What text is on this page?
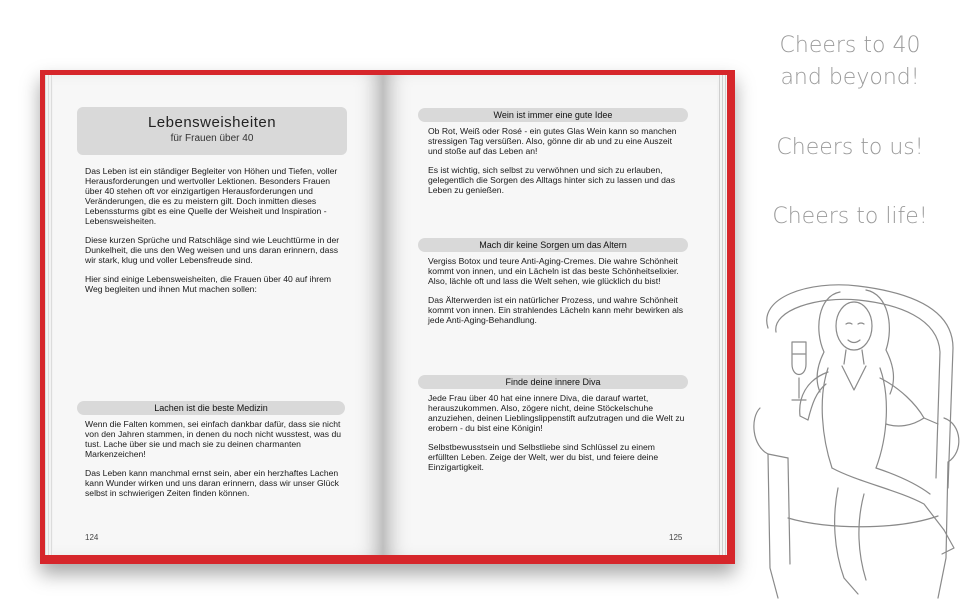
Lebensweisheiten
für Frauen über 40

Das Leben ist ein ständiger Begleiter von Höhen und Tiefen, voller Herausforderungen und wertvoller Lektionen. Besonders Frauen über 40 stehen oft vor einzigartigen Herausforderungen und Veränderungen, die es zu meistern gilt. Doch inmitten dieses Lebenssturms gibt es eine Quelle der Weisheit und Inspiration - Lebensweisheiten.

Diese kurzen Sprüche und Ratschläge sind wie Leuchttürme in der Dunkelheit, die uns den Weg weisen und uns daran erinnern, dass wir stark, klug und voller Lebensfreude sind.

Hier sind einige Lebensweisheiten, die Frauen über 40 auf ihrem Weg begleiten und ihnen Mut machen sollen:

Lachen ist die beste Medizin

Wenn die Falten kommen, sei einfach dankbar dafür, dass sie nicht von den Jahren stammen, in denen du noch nicht wusstest, was du tust. Lache über sie und mach sie zu deinen charmanten Markenzeichen!

Das Leben kann manchmal ernst sein, aber ein herzhaftes Lachen kann Wunder wirken und uns daran erinnern, dass wir unser Glück selbst in schwierigen Zeiten finden können.

124
Wein ist immer eine gute Idee

Ob Rot, Weiß oder Rosé - ein gutes Glas Wein kann so manchen stressigen Tag versüßen. Also, gönne dir ab und zu eine Auszeit und stoße auf das Leben an!

Es ist wichtig, sich selbst zu verwöhnen und sich zu erlauben, gelegentlich die Sorgen des Alltags hinter sich zu lassen und das Leben zu genießen.

Mach dir keine Sorgen um das Altern

Vergiss Botox und teure Anti-Aging-Cremes. Die wahre Schönheit kommt von innen, und ein Lächeln ist das beste Schönheitselixier. Also, lächle oft und lass die Welt sehen, wie glücklich du bist!

Das Älterwerden ist ein natürlicher Prozess, und wahre Schönheit kommt von innen. Ein strahlendes Lächeln kann mehr bewirken als jede Anti-Aging-Behandlung.

Finde deine innere Diva

Jede Frau über 40 hat eine innere Diva, die darauf wartet, herauszukommen. Also, zögere nicht, deine Stöckelschuhe anzuziehen, deinen Lieblingslippenstift aufzutragen und die Welt zu erobern - du bist eine Königin!

Selbstbewusstsein und Selbstliebe sind Schlüssel zu einem erfüllten Leben. Zeige der Welt, wer du bist, und feiere deine Einzigartigkeit.

125
Cheers to 40
and beyond!
Cheers to us!
Cheers to life!
